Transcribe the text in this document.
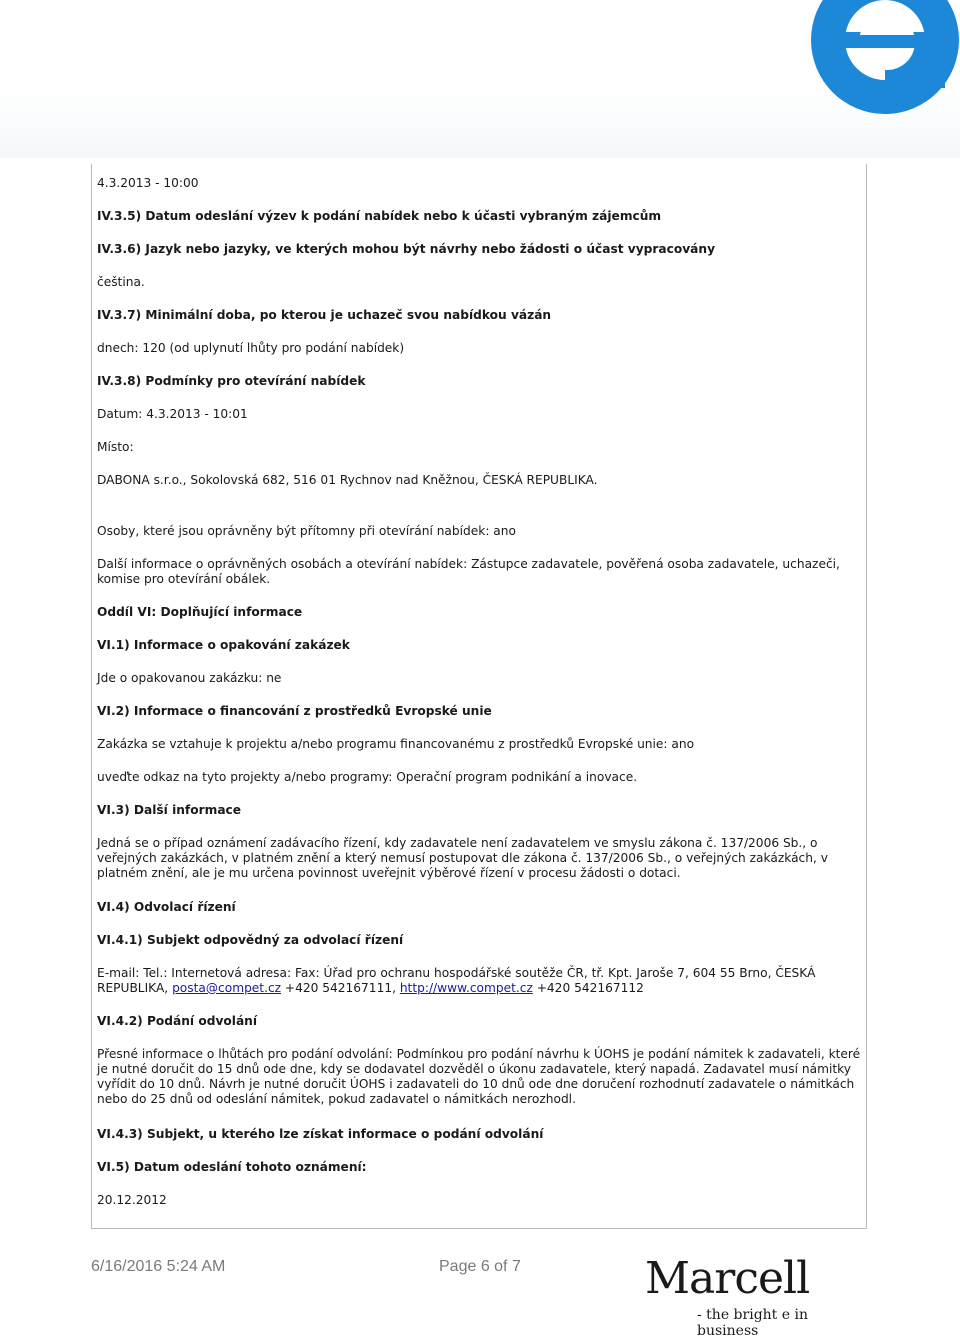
4.3.2013 - 10:00
IV.3.5) Datum odeslání výzev k podání nabídek nebo k účasti vybraným zájemcům
IV.3.6) Jazyk nebo jazyky, ve kterých mohou být návrhy nebo žádosti o účast vypracovány
čeština.
IV.3.7) Minimální doba, po kterou je uchazeč svou nabídkou vázán
dnech: 120 (od uplynutí lhůty pro podání nabídek)
IV.3.8) Podmínky pro otevírání nabídek
Datum: 4.3.2013 - 10:01
Místo:
DABONA s.r.o., Sokolovská 682, 516 01 Rychnov nad Kněžnou, ČESKÁ REPUBLIKA.
Osoby, které jsou oprávněny být přítomny při otevírání nabídek: ano
Další informace o oprávněných osobách a otevírání nabídek: Zástupce zadavatele, pověřená osoba zadavatele, uchazeči, komise pro otevírání obálek.
Oddíl VI: Doplňující informace
VI.1) Informace o opakování zakázek
Jde o opakovanou zakázku: ne
VI.2) Informace o financování z prostředků Evropské unie
Zakázka se vztahuje k projektu a/nebo programu financovanému z prostředků Evropské unie: ano
uveďte odkaz na tyto projekty a/nebo programy: Operační program podnikání a inovace.
VI.3) Další informace
Jedná se o případ oznámení zadávacího řízení, kdy zadavatele není zadavatelem ve smyslu zákona č. 137/2006 Sb., o veřejných zakázkách, v platném znění a který nemusí postupovat dle zákona č. 137/2006 Sb., o veřejných zakázkách, v platném znění, ale je mu určena povinnost uveřejnit výběrové řízení v procesu žádosti o dotaci.
VI.4) Odvolací řízení
VI.4.1) Subjekt odpovědný za odvolací řízení
E-mail: Tel.: Internetová adresa: Fax: Úřad pro ochranu hospodářské soutěže ČR, tř. Kpt. Jaroše 7, 604 55 Brno, ČESKÁ REPUBLIKA, posta@compet.cz +420 542167111, http://www.compet.cz +420 542167112
VI.4.2) Podání odvolání
Přesné informace o lhůtách pro podání odvolání: Podmínkou pro podání návrhu k ÚOHS je podání námitek k zadavateli, které je nutné doručit do 15 dnů ode dne, kdy se dodavatel dozvěděl o úkonu zadavatele, který napadá. Zadavatel musí námitky vyřídit do 10 dnů. Návrh je nutné doručit ÚOHS i zadavateli do 10 dnů ode dne doručení rozhodnutí zadavatele o námitkách nebo do 25 dnů od odeslání námitek, pokud zadavatel o námitkách nerozhodl.
VI.4.3) Subjekt, u kterého lze získat informace o podání odvolání
VI.5) Datum odeslání tohoto oznámení:
20.12.2012
6/16/2016 5:24 AM	Page 6 of 7	Marcell
- the bright e in business
